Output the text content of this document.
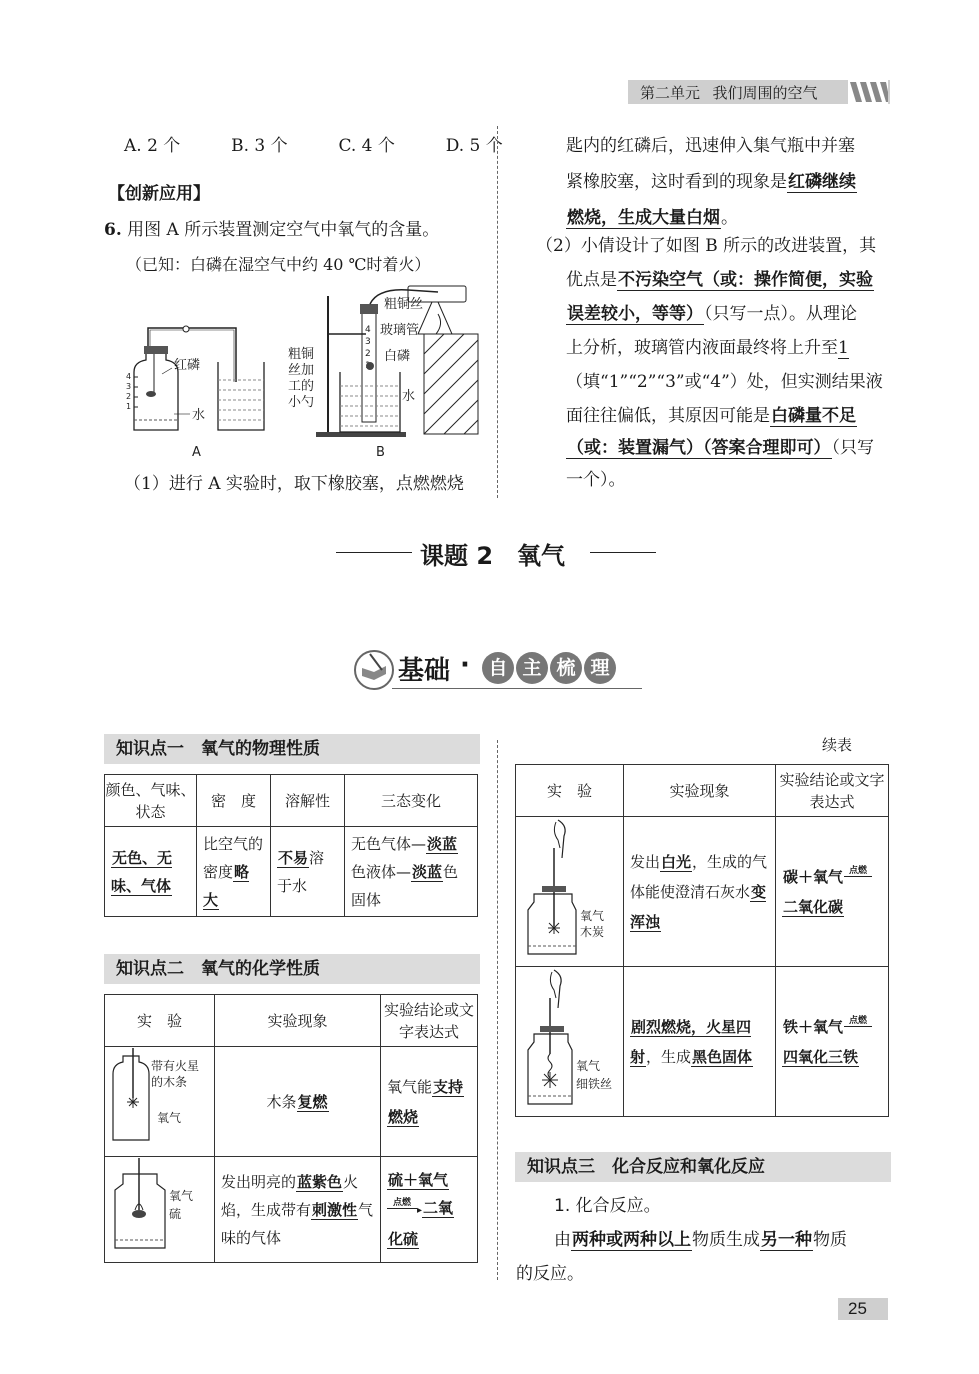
第二单元 我们周围的空气
A. 2 个	B. 3 个	C. 4 个	D. 5 个
【创新应用】
6. 用图 A 所示装置测定空气中氧气的含量。
（已知：白磷在湿空气中约 40 ℃时着火）
4
3
2
1
红磷
水
A
4
3
2
粗铜丝
玻璃管
粗铜
丝加
工的
小勺
白磷
水
B
（1）进行 A 实验时，取下橡胶塞，点燃燃烧
匙内的红磷后，迅速伸入集气瓶中并塞
紧橡胶塞，这时看到的现象是红磷继续
燃烧，生成大量白烟。
（2）小倩设计了如图 B 所示的改进装置，其
优点是不污染空气（或：操作简便，实验
误差较小，等等）（只写一点）。从理论
上分析，玻璃管内液面最终将上升至1
（填“1”“2”“3”或“4”）处，但实测结果液
面往往偏低，其原因可能是白磷量不足
（或：装置漏气）（答案合理即可）（只写
一个）。
课题 2　氧气
基础 · 自 主 梳 理
知识点一　氧气的物理性质
颜色、气味、状态	密　度	溶解性	三态变化
无色、无味、气体	比空气的密度略大	不易溶于水	无色气体—淡蓝色液体—淡蓝色固体
知识点二　氧气的化学性质
实　验	实验现象	实验结论或文字表达式

带有火星
的木条
氧气	木条复燃	氧气能支持
燃烧

氧气
硫	发出明亮的蓝紫色火焰，生成带有刺激性气味的气体	硫＋氧气
点燃▸二氧
化硫
续表
实　验	实验现象	实验结论或文字表达式

氧气
木炭	发出白光，生成的气体能使澄清石灰水变浑浊	碳＋氧气 点燃
二氧化碳

氧气
细铁丝	剧烈燃烧，火星四射，生成黑色固体	铁＋氧气 点燃
四氧化三铁
知识点三　化合反应和氧化反应
1. 化合反应。
由两种或两种以上物质生成另一种物质
的反应。
25
